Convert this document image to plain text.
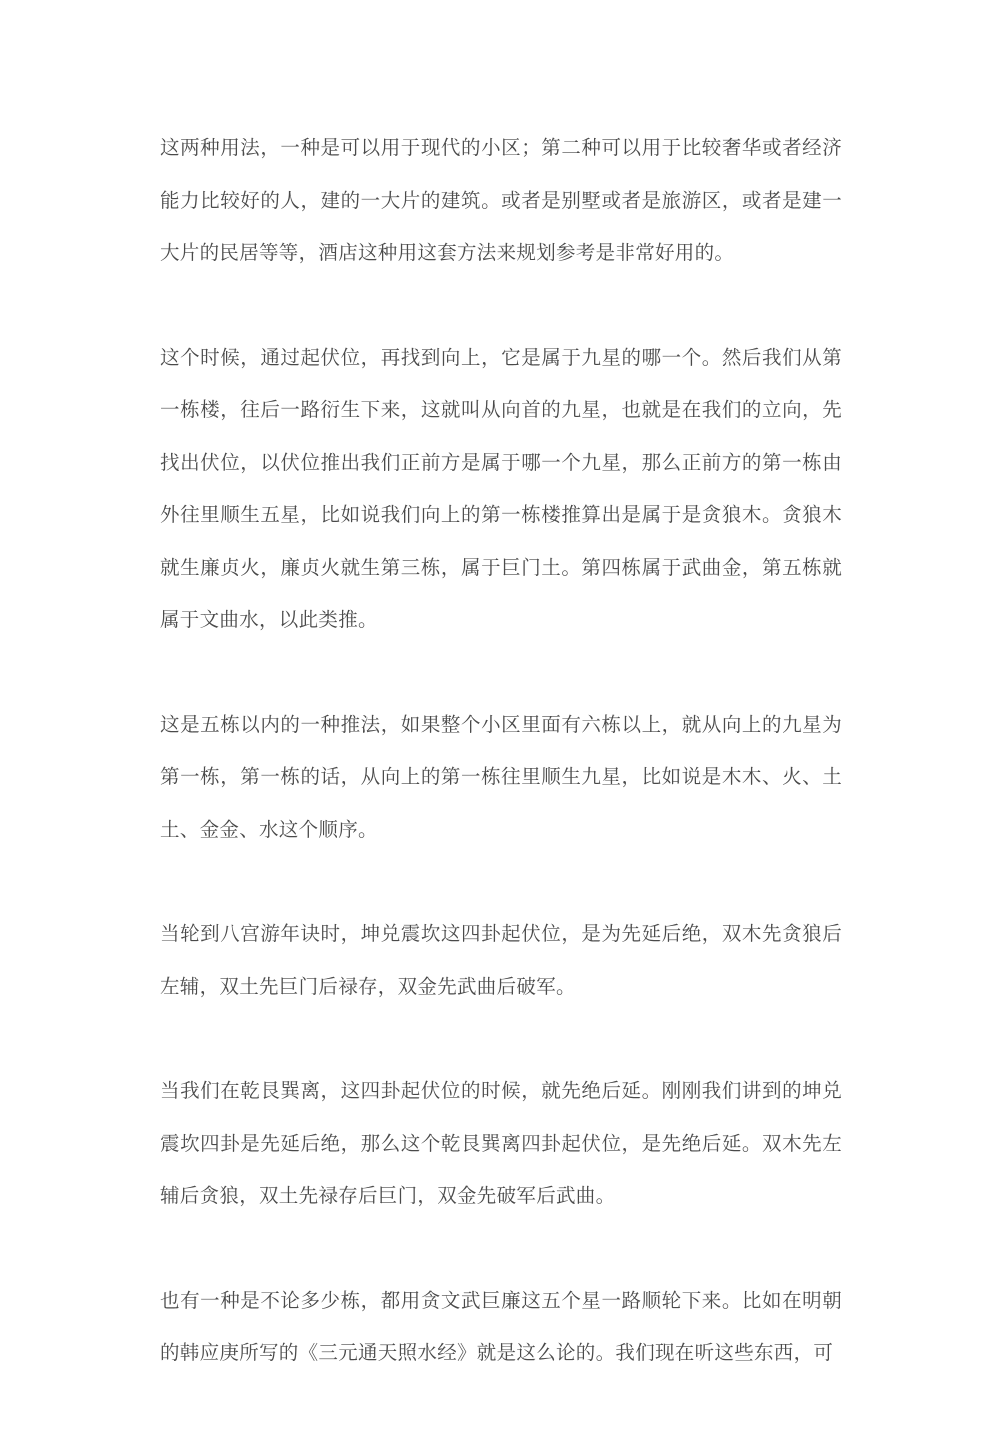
这两种用法，一种是可以用于现代的小区；第二种可以用于比较奢华或者经济能力比较好的人，建的一大片的建筑。或者是别墅或者是旅游区，或者是建一大片的民居等等，酒店这种用这套方法来规划参考是非常好用的。

这个时候，通过起伏位，再找到向上，它是属于九星的哪一个。然后我们从第一栋楼，往后一路衍生下来，这就叫从向首的九星，也就是在我们的立向，先找出伏位，以伏位推出我们正前方是属于哪一个九星，那么正前方的第一栋由外往里顺生五星，比如说我们向上的第一栋楼推算出是属于是贪狼木。贪狼木就生廉贞火，廉贞火就生第三栋，属于巨门土。第四栋属于武曲金，第五栋就属于文曲水，以此类推。

这是五栋以内的一种推法，如果整个小区里面有六栋以上，就从向上的九星为第一栋，第一栋的话，从向上的第一栋往里顺生九星，比如说是木木、火、土土、金金、水这个顺序。

当轮到八宫游年诀时，坤兑震坎这四卦起伏位，是为先延后绝，双木先贪狼后左辅，双土先巨门后禄存，双金先武曲后破军。

当我们在乾艮巽离，这四卦起伏位的时候，就先绝后延。刚刚我们讲到的坤兑震坎四卦是先延后绝，那么这个乾艮巽离四卦起伏位，是先绝后延。双木先左辅后贪狼，双土先禄存后巨门，双金先破军后武曲。

也有一种是不论多少栋，都用贪文武巨廉这五个星一路顺轮下来。比如在明朝的韩应庚所写的《三元通天照水经》就是这么论的。我们现在听这些东西，可
